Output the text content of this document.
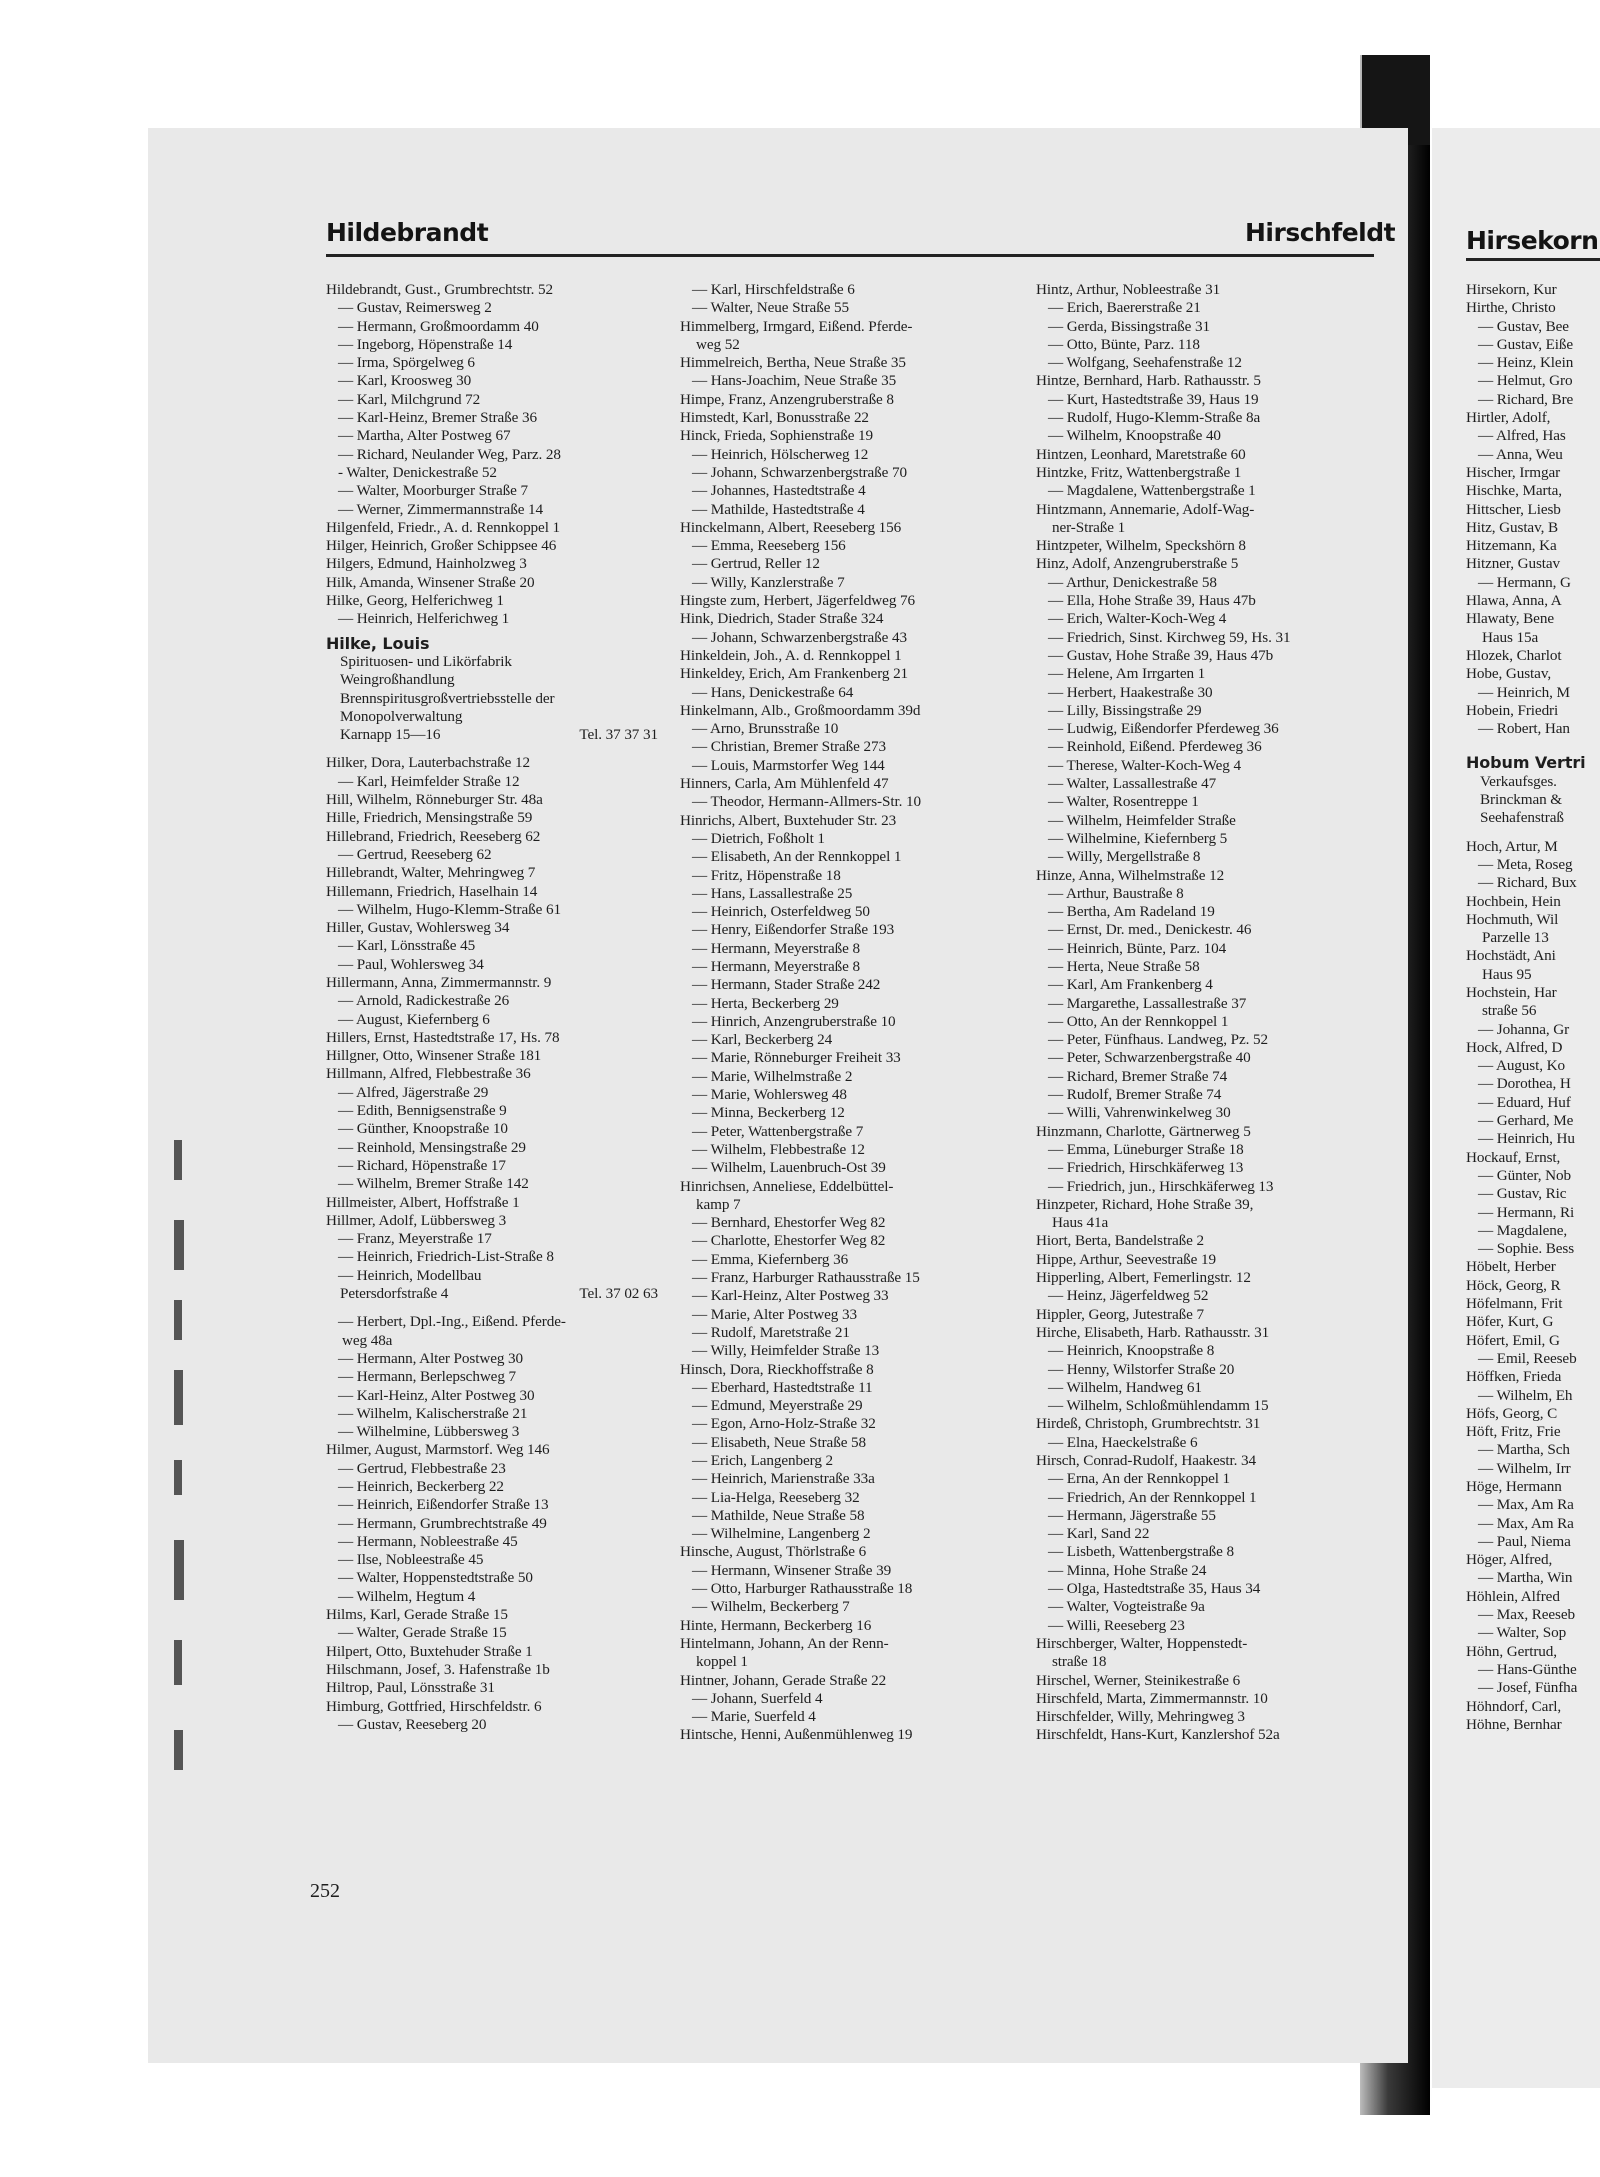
Hildebrandt	Hirschfeldt	Hirsekorn
Hildebrandt, Gust., Grumbrechtstr. 52
— Gustav, Reimersweg 2
— Hermann, Großmoordamm 40
— Ingeborg, Höpenstraße 14
— Irma, Spörgelweg 6
— Karl, Kroosweg 30
— Karl, Milchgrund 72
— Karl-Heinz, Bremer Straße 36
— Martha, Alter Postweg 67
— Richard, Neulander Weg, Parz. 28
- Walter, Denickestraße 52
— Walter, Moorburger Straße 7
— Werner, Zimmermannstraße 14
Hilgenfeld, Friedr., A. d. Rennkoppel 1
Hilger, Heinrich, Großer Schippsee 46
Hilgers, Edmund, Hainholzweg 3
Hilk, Amanda, Winsener Straße 20
Hilke, Georg, Helferichweg 1
— Heinrich, Helferichweg 1
Hilke, Louis
Spirituosen- und Likörfabrik
Weingroßhandlung
Brennspiritusgroßvertriebsstelle der
Monopolverwaltung
Karnapp 15—16	Tel. 37 37 31
Hilker, Dora, Lauterbachstraße 12
— Karl, Heimfelder Straße 12
Hill, Wilhelm, Rönneburger Str. 48a
Hille, Friedrich, Mensingstraße 59
Hillebrand, Friedrich, Reeseberg 62
— Gertrud, Reeseberg 62
Hillebrandt, Walter, Mehringweg 7
Hillemann, Friedrich, Haselhain 14
— Wilhelm, Hugo-Klemm-Straße 61
Hiller, Gustav, Wohlersweg 34
— Karl, Lönsstraße 45
— Paul, Wohlersweg 34
Hillermann, Anna, Zimmermannstr. 9
— Arnold, Radickestraße 26
— August, Kiefernberg 6
Hillers, Ernst, Hastedtstraße 17, Hs. 78
Hillgner, Otto, Winsener Straße 181
Hillmann, Alfred, Flebbestraße 36
— Alfred, Jägerstraße 29
— Edith, Bennigsenstraße 9
— Günther, Knoopstraße 10
— Reinhold, Mensingstraße 29
— Richard, Höpenstraße 17
— Wilhelm, Bremer Straße 142
Hillmeister, Albert, Hoffstraße 1
Hillmer, Adolf, Lübbersweg 3
— Franz, Meyerstraße 17
— Heinrich, Friedrich-List-Straße 8
— Heinrich, Modellbau
Petersdorfstraße 4	Tel. 37 02 63
— Herbert, Dpl.-Ing., Eißend. Pferde-
weg 48a
— Hermann, Alter Postweg 30
— Hermann, Berlepschweg 7
— Karl-Heinz, Alter Postweg 30
— Wilhelm, Kalischerstraße 21
— Wilhelmine, Lübbersweg 3
Hilmer, August, Marmstorf. Weg 146
— Gertrud, Flebbestraße 23
— Heinrich, Beckerberg 22
— Heinrich, Eißendorfer Straße 13
— Hermann, Grumbrechtstraße 49
— Hermann, Nobleestraße 45
— Ilse, Nobleestraße 45
— Walter, Hoppenstedtstraße 50
— Wilhelm, Hegtum 4
Hilms, Karl, Gerade Straße 15
— Walter, Gerade Straße 15
Hilpert, Otto, Buxtehuder Straße 1
Hilschmann, Josef, 3. Hafenstraße 1b
Hiltrop, Paul, Lönsstraße 31
Himburg, Gottfried, Hirschfeldstr. 6
— Gustav, Reeseberg 20
— Karl, Hirschfeldstraße 6
— Walter, Neue Straße 55
Himmelberg, Irmgard, Eißend. Pferde-
weg 52
Himmelreich, Bertha, Neue Straße 35
— Hans-Joachim, Neue Straße 35
Himpe, Franz, Anzengruberstraße 8
Himstedt, Karl, Bonusstraße 22
Hinck, Frieda, Sophienstraße 19
— Heinrich, Hölscherweg 12
— Johann, Schwarzenbergstraße 70
— Johannes, Hastedtstraße 4
— Mathilde, Hastedtstraße 4
Hinckelmann, Albert, Reeseberg 156
— Emma, Reeseberg 156
— Gertrud, Reller 12
— Willy, Kanzlerstraße 7
Hingste zum, Herbert, Jägerfeldweg 76
Hink, Diedrich, Stader Straße 324
— Johann, Schwarzenbergstraße 43
Hinkeldein, Joh., A. d. Rennkoppel 1
Hinkeldey, Erich, Am Frankenberg 21
— Hans, Denickestraße 64
Hinkelmann, Alb., Großmoordamm 39d
— Arno, Brunsstraße 10
— Christian, Bremer Straße 273
— Louis, Marmstorfer Weg 144
Hinners, Carla, Am Mühlenfeld 47
— Theodor, Hermann-Allmers-Str. 10
Hinrichs, Albert, Buxtehuder Str. 23
— Dietrich, Foßholt 1
— Elisabeth, An der Rennkoppel 1
— Fritz, Höpenstraße 18
— Hans, Lassallestraße 25
— Heinrich, Osterfeldweg 50
— Henry, Eißendorfer Straße 193
— Hermann, Meyerstraße 8
— Hermann, Meyerstraße 8
— Hermann, Stader Straße 242
— Herta, Beckerberg 29
— Hinrich, Anzengruberstraße 10
— Karl, Beckerberg 24
— Marie, Rönneburger Freiheit 33
— Marie, Wilhelmstraße 2
— Marie, Wohlersweg 48
— Minna, Beckerberg 12
— Peter, Wattenbergstraße 7
— Wilhelm, Flebbestraße 12
— Wilhelm, Lauenbruch-Ost 39
Hinrichsen, Anneliese, Eddelbüttel-
kamp 7
— Bernhard, Ehestorfer Weg 82
— Charlotte, Ehestorfer Weg 82
— Emma, Kiefernberg 36
— Franz, Harburger Rathausstraße 15
— Karl-Heinz, Alter Postweg 33
— Marie, Alter Postweg 33
— Rudolf, Maretstraße 21
— Willy, Heimfelder Straße 13
Hinsch, Dora, Rieckhoffstraße 8
— Eberhard, Hastedtstraße 11
— Edmund, Meyerstraße 29
— Egon, Arno-Holz-Straße 32
— Elisabeth, Neue Straße 58
— Erich, Langenberg 2
— Heinrich, Marienstraße 33a
— Lia-Helga, Reeseberg 32
— Mathilde, Neue Straße 58
— Wilhelmine, Langenberg 2
Hinsche, August, Thörlstraße 6
— Hermann, Winsener Straße 39
— Otto, Harburger Rathausstraße 18
— Wilhelm, Beckerberg 7
Hinte, Hermann, Beckerberg 16
Hintelmann, Johann, An der Renn-
koppel 1
Hintner, Johann, Gerade Straße 22
— Johann, Suerfeld 4
— Marie, Suerfeld 4
Hintsche, Henni, Außenmühlenweg 19
Hintz, Arthur, Nobleestraße 31
— Erich, Baererstraße 21
— Gerda, Bissingstraße 31
— Otto, Bünte, Parz. 118
— Wolfgang, Seehafenstraße 12
Hintze, Bernhard, Harb. Rathausstr. 5
— Kurt, Hastedtstraße 39, Haus 19
— Rudolf, Hugo-Klemm-Straße 8a
— Wilhelm, Knoopstraße 40
Hintzen, Leonhard, Maretstraße 60
Hintzke, Fritz, Wattenbergstraße 1
— Magdalene, Wattenbergstraße 1
Hintzmann, Annemarie, Adolf-Wag-
ner-Straße 1
Hintzpeter, Wilhelm, Speckshörn 8
Hinz, Adolf, Anzengruberstraße 5
— Arthur, Denickestraße 58
— Ella, Hohe Straße 39, Haus 47b
— Erich, Walter-Koch-Weg 4
— Friedrich, Sinst. Kirchweg 59, Hs. 31
— Gustav, Hohe Straße 39, Haus 47b
— Helene, Am Irrgarten 1
— Herbert, Haakestraße 30
— Lilly, Bissingstraße 29
— Ludwig, Eißendorfer Pferdeweg 36
— Reinhold, Eißend. Pferdeweg 36
— Therese, Walter-Koch-Weg 4
— Walter, Lassallestraße 47
— Walter, Rosentreppe 1
— Wilhelm, Heimfelder Straße
— Wilhelmine, Kiefernberg 5
— Willy, Mergellstraße 8
Hinze, Anna, Wilhelmstraße 12
— Arthur, Baustraße 8
— Bertha, Am Radeland 19
— Ernst, Dr. med., Denickestr. 46
— Heinrich, Bünte, Parz. 104
— Herta, Neue Straße 58
— Karl, Am Frankenberg 4
— Margarethe, Lassallestraße 37
— Otto, An der Rennkoppel 1
— Peter, Fünfhaus. Landweg, Pz. 52
— Peter, Schwarzenbergstraße 40
— Richard, Bremer Straße 74
— Rudolf, Bremer Straße 74
— Willi, Vahrenwinkelweg 30
Hinzmann, Charlotte, Gärtnerweg 5
— Emma, Lüneburger Straße 18
— Friedrich, Hirschkäferweg 13
— Friedrich, jun., Hirschkäferweg 13
Hinzpeter, Richard, Hohe Straße 39,
Haus 41a
Hiort, Berta, Bandelstraße 2
Hippe, Arthur, Seevestraße 19
Hipperling, Albert, Femerlingstr. 12
— Heinz, Jägerfeldweg 52
Hippler, Georg, Jutestraße 7
Hirche, Elisabeth, Harb. Rathausstr. 31
— Heinrich, Knoopstraße 8
— Henny, Wilstorfer Straße 20
— Wilhelm, Handweg 61
— Wilhelm, Schloßmühlendamm 15
Hirdeß, Christoph, Grumbrechtstr. 31
— Elna, Haeckelstraße 6
Hirsch, Conrad-Rudolf, Haakestr. 34
— Erna, An der Rennkoppel 1
— Friedrich, An der Rennkoppel 1
— Hermann, Jägerstraße 55
— Karl, Sand 22
— Lisbeth, Wattenbergstraße 8
— Minna, Hohe Straße 24
— Olga, Hastedtstraße 35, Haus 34
— Walter, Vogteistraße 9a
— Willi, Reeseberg 23
Hirschberger, Walter, Hoppenstedt-
straße 18
Hirschel, Werner, Steinikestraße 6
Hirschfeld, Marta, Zimmermannstr. 10
Hirschfelder, Willy, Mehringweg 3
Hirschfeldt, Hans-Kurt, Kanzlershof 52a
Hirsekorn, Kur
Hirthe, Christo
— Gustav, Bee
— Gustav, Eiße
— Heinz, Klein
— Helmut, Gro
— Richard, Bre
Hirtler, Adolf,
— Alfred, Has
— Anna, Weu
Hischer, Irmgar
Hischke, Marta,
Hittscher, Liesb
Hitz, Gustav, B
Hitzemann, Ka
Hitzner, Gustav
— Hermann, G
Hlawa, Anna, A
Hlawaty, Bene
Haus 15a
Hlozek, Charlot
Hobe, Gustav,
— Heinrich, M
Hobein, Friedri
— Robert, Han
Hobum Vertri
Verkaufsges.
Brinckman &
Seehafenstraß
Hoch, Artur, M
— Meta, Roseg
— Richard, Bux
Hochbein, Hein
Hochmuth, Wil
Parzelle 13
Hochstädt, Ani
Haus 95
Hochstein, Har
straße 56
— Johanna, Gr
Hock, Alfred, D
— August, Ko
— Dorothea, H
— Eduard, Huf
— Gerhard, Me
— Heinrich, Hu
Hockauf, Ernst,
— Günter, Nob
— Gustav, Ric
— Hermann, Ri
— Magdalene,
— Sophie. Bess
Höbelt, Herber
Höck, Georg, R
Höfelmann, Frit
Höfer, Kurt, G
Höfert, Emil, G
— Emil, Reeseb
Höffken, Frieda
— Wilhelm, Eh
Höfs, Georg, C
Höft, Fritz, Frie
— Martha, Sch
— Wilhelm, Irr
Höge, Hermann
— Max, Am Ra
— Max, Am Ra
— Paul, Niema
Höger, Alfred,
— Martha, Win
Höhlein, Alfred
— Max, Reeseb
— Walter, Sop
Höhn, Gertrud,
— Hans-Günthe
— Josef, Fünfha
Höhndorf, Carl,
Höhne, Bernhar
252
